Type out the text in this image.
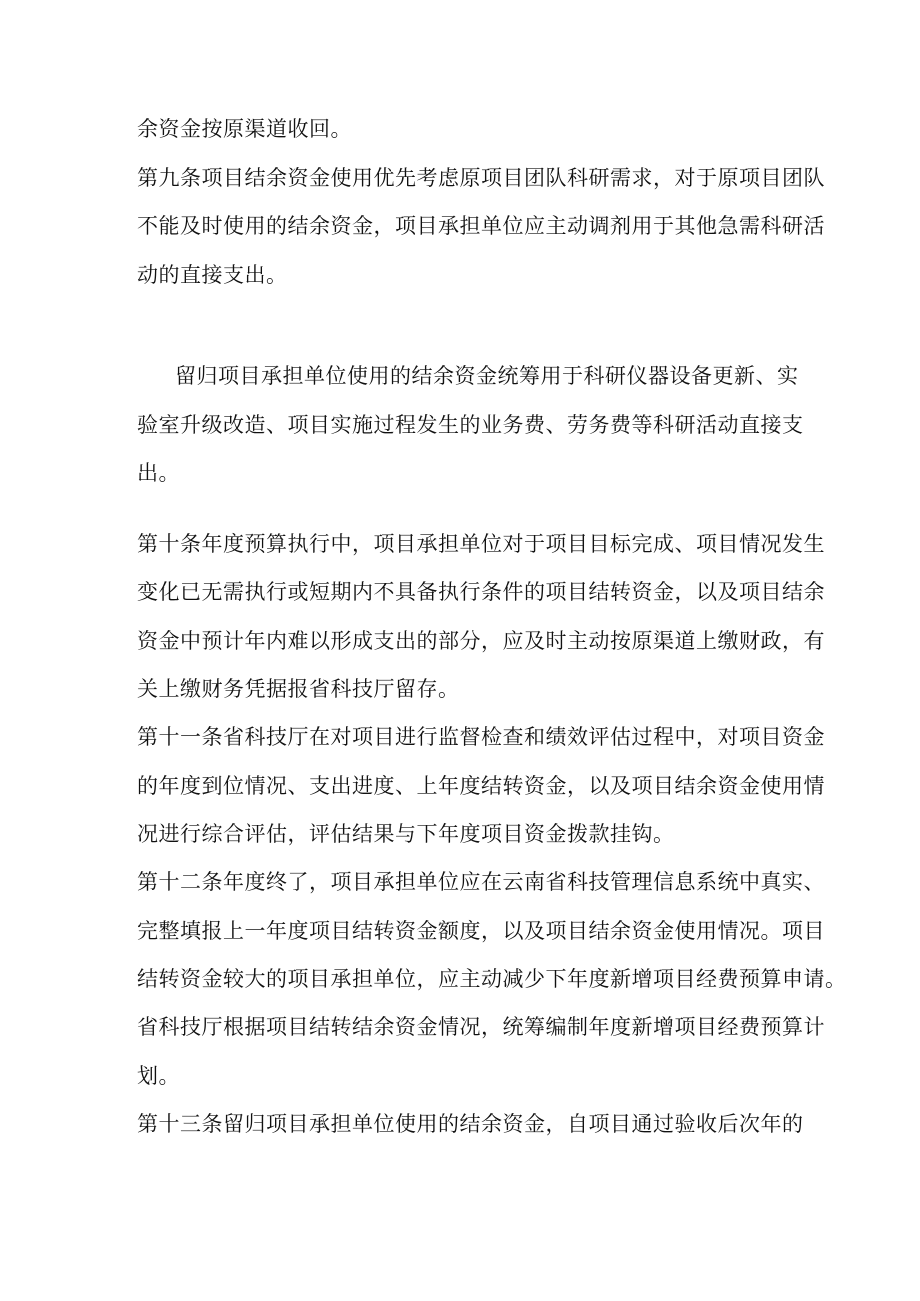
余资金按原渠道收回。
第九条项目结余资金使用优先考虑原项目团队科研需求，对于原项目团队
不能及时使用的结余资金，项目承担单位应主动调剂用于其他急需科研活
动的直接支出。
留归项目承担单位使用的结余资金统筹用于科研仪器设备更新、实
验室升级改造、项目实施过程发生的业务费、劳务费等科研活动直接支
出。
第十条年度预算执行中，项目承担单位对于项目目标完成、项目情况发生
变化已无需执行或短期内不具备执行条件的项目结转资金，以及项目结余
资金中预计年内难以形成支出的部分，应及时主动按原渠道上缴财政，有
关上缴财务凭据报省科技厅留存。
第十一条省科技厅在对项目进行监督检查和绩效评估过程中，对项目资金
的年度到位情况、支出进度、上年度结转资金，以及项目结余资金使用情
况进行综合评估，评估结果与下年度项目资金拨款挂钩。
第十二条年度终了，项目承担单位应在云南省科技管理信息系统中真实、
完整填报上一年度项目结转资金额度，以及项目结余资金使用情况。项目
结转资金较大的项目承担单位，应主动减少下年度新增项目经费预算申请。
省科技厅根据项目结转结余资金情况，统筹编制年度新增项目经费预算计
划。
第十三条留归项目承担单位使用的结余资金，自项目通过验收后次年的
